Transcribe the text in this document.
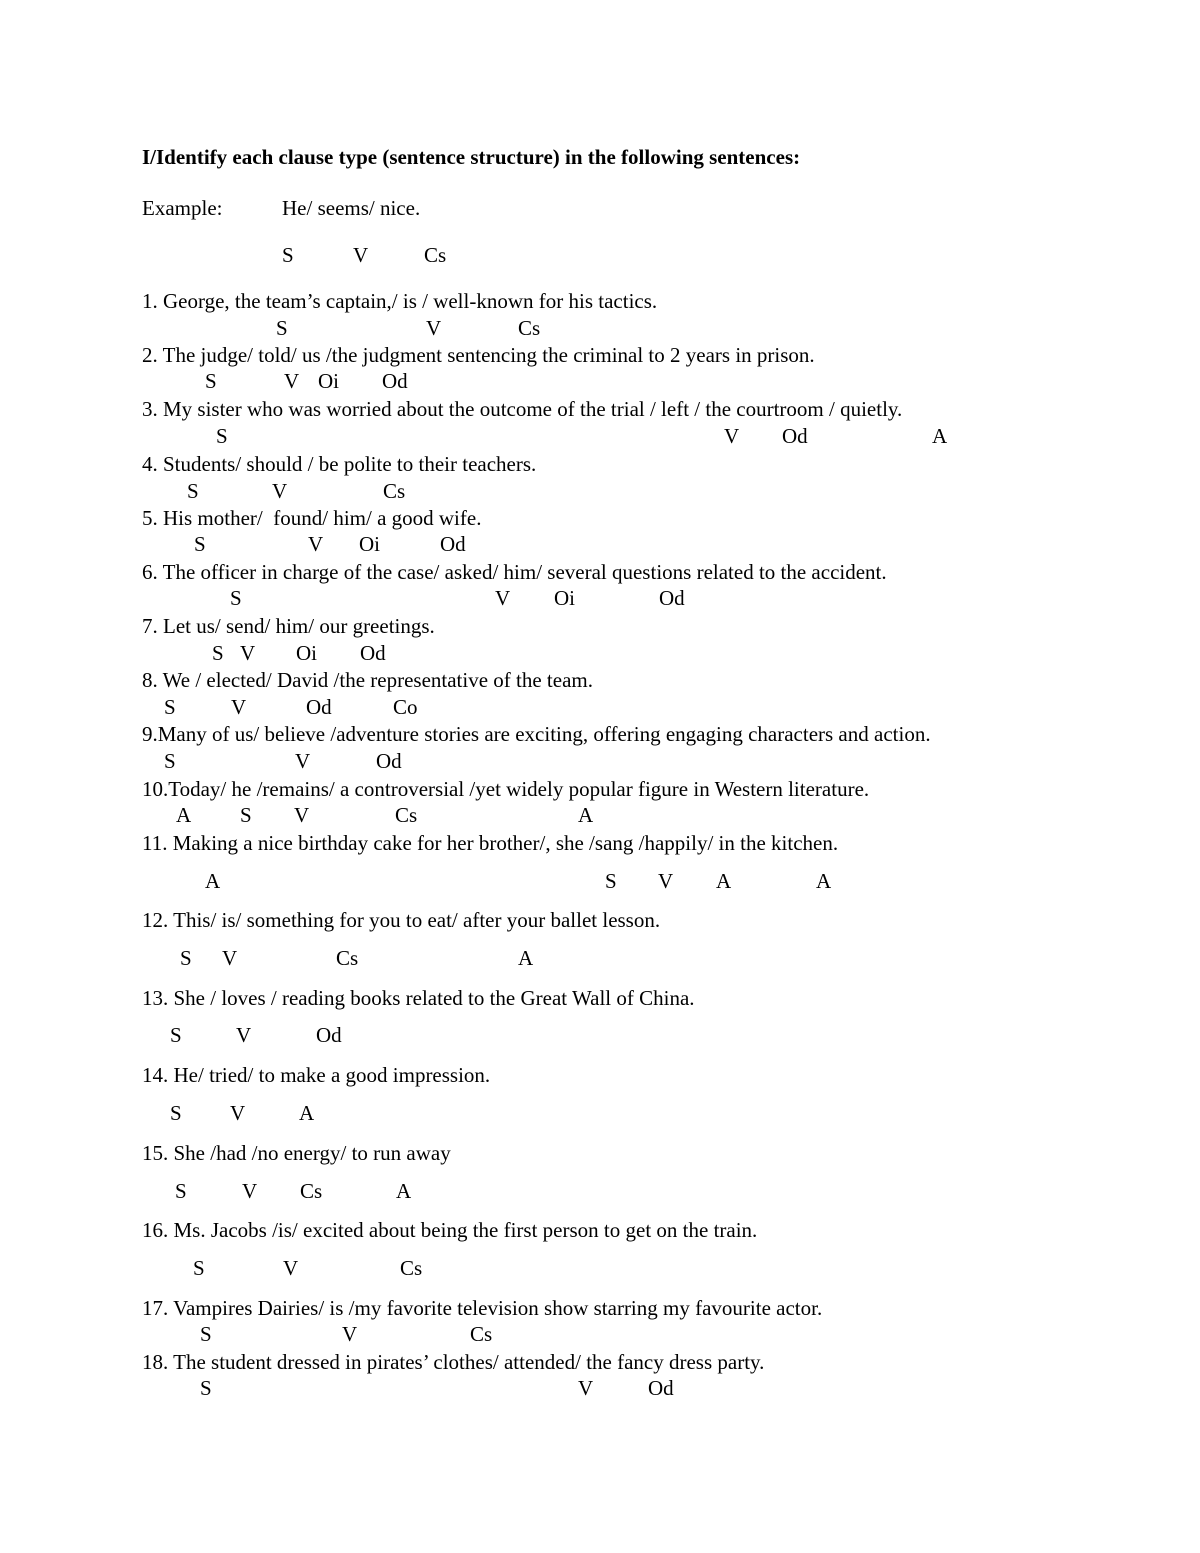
I/Identify each clause type (sentence structure) in the following sentences:
Example:	He/ seems/ nice.
S	V	Cs
1. George, the team’s captain,/ is / well-known for his tactics.
S	V	Cs
2. The judge/ told/ us /the judgment sentencing the criminal to 2 years in prison.
S	V Oi Od
3. My sister who was worried about the outcome of the trial / left / the courtroom / quietly.
S	V Od	A
4. Students/ should / be polite to their teachers.
S	V	Cs
5. His mother/  found/ him/ a good wife.
S	V Oi	Od
6. The officer in charge of the case/ asked/ him/ several questions related to the accident.
S	V Oi	Od
7. Let us/ send/ him/ our greetings.
S V Oi Od
8. We / elected/ David /the representative of the team.
S	V	Od	Co
9.Many of us/ believe /adventure stories are exciting, offering engaging characters and action.
S	V	Od
10.Today/ he /remains/ a controversial /yet widely popular figure in Western literature.
A S V	Cs	A
11. Making a nice birthday cake for her brother/, she /sang /happily/ in the kitchen.
A	S V A	A
12. This/ is/ something for you to eat/ after your ballet lesson.
S V	Cs	A
13. She / loves / reading books related to the Great Wall of China.
S	V	Od
14. He/ tried/ to make a good impression.
S V	A
15. She /had /no energy/ to run away
S	V Cs	A
16. Ms. Jacobs /is/ excited about being the first person to get on the train.
S	V	Cs
17. Vampires Dairies/ is /my favorite television show starring my favourite actor.
S	V	Cs
18. The student dressed in pirates’ clothes/ attended/ the fancy dress party.
S	V	Od
